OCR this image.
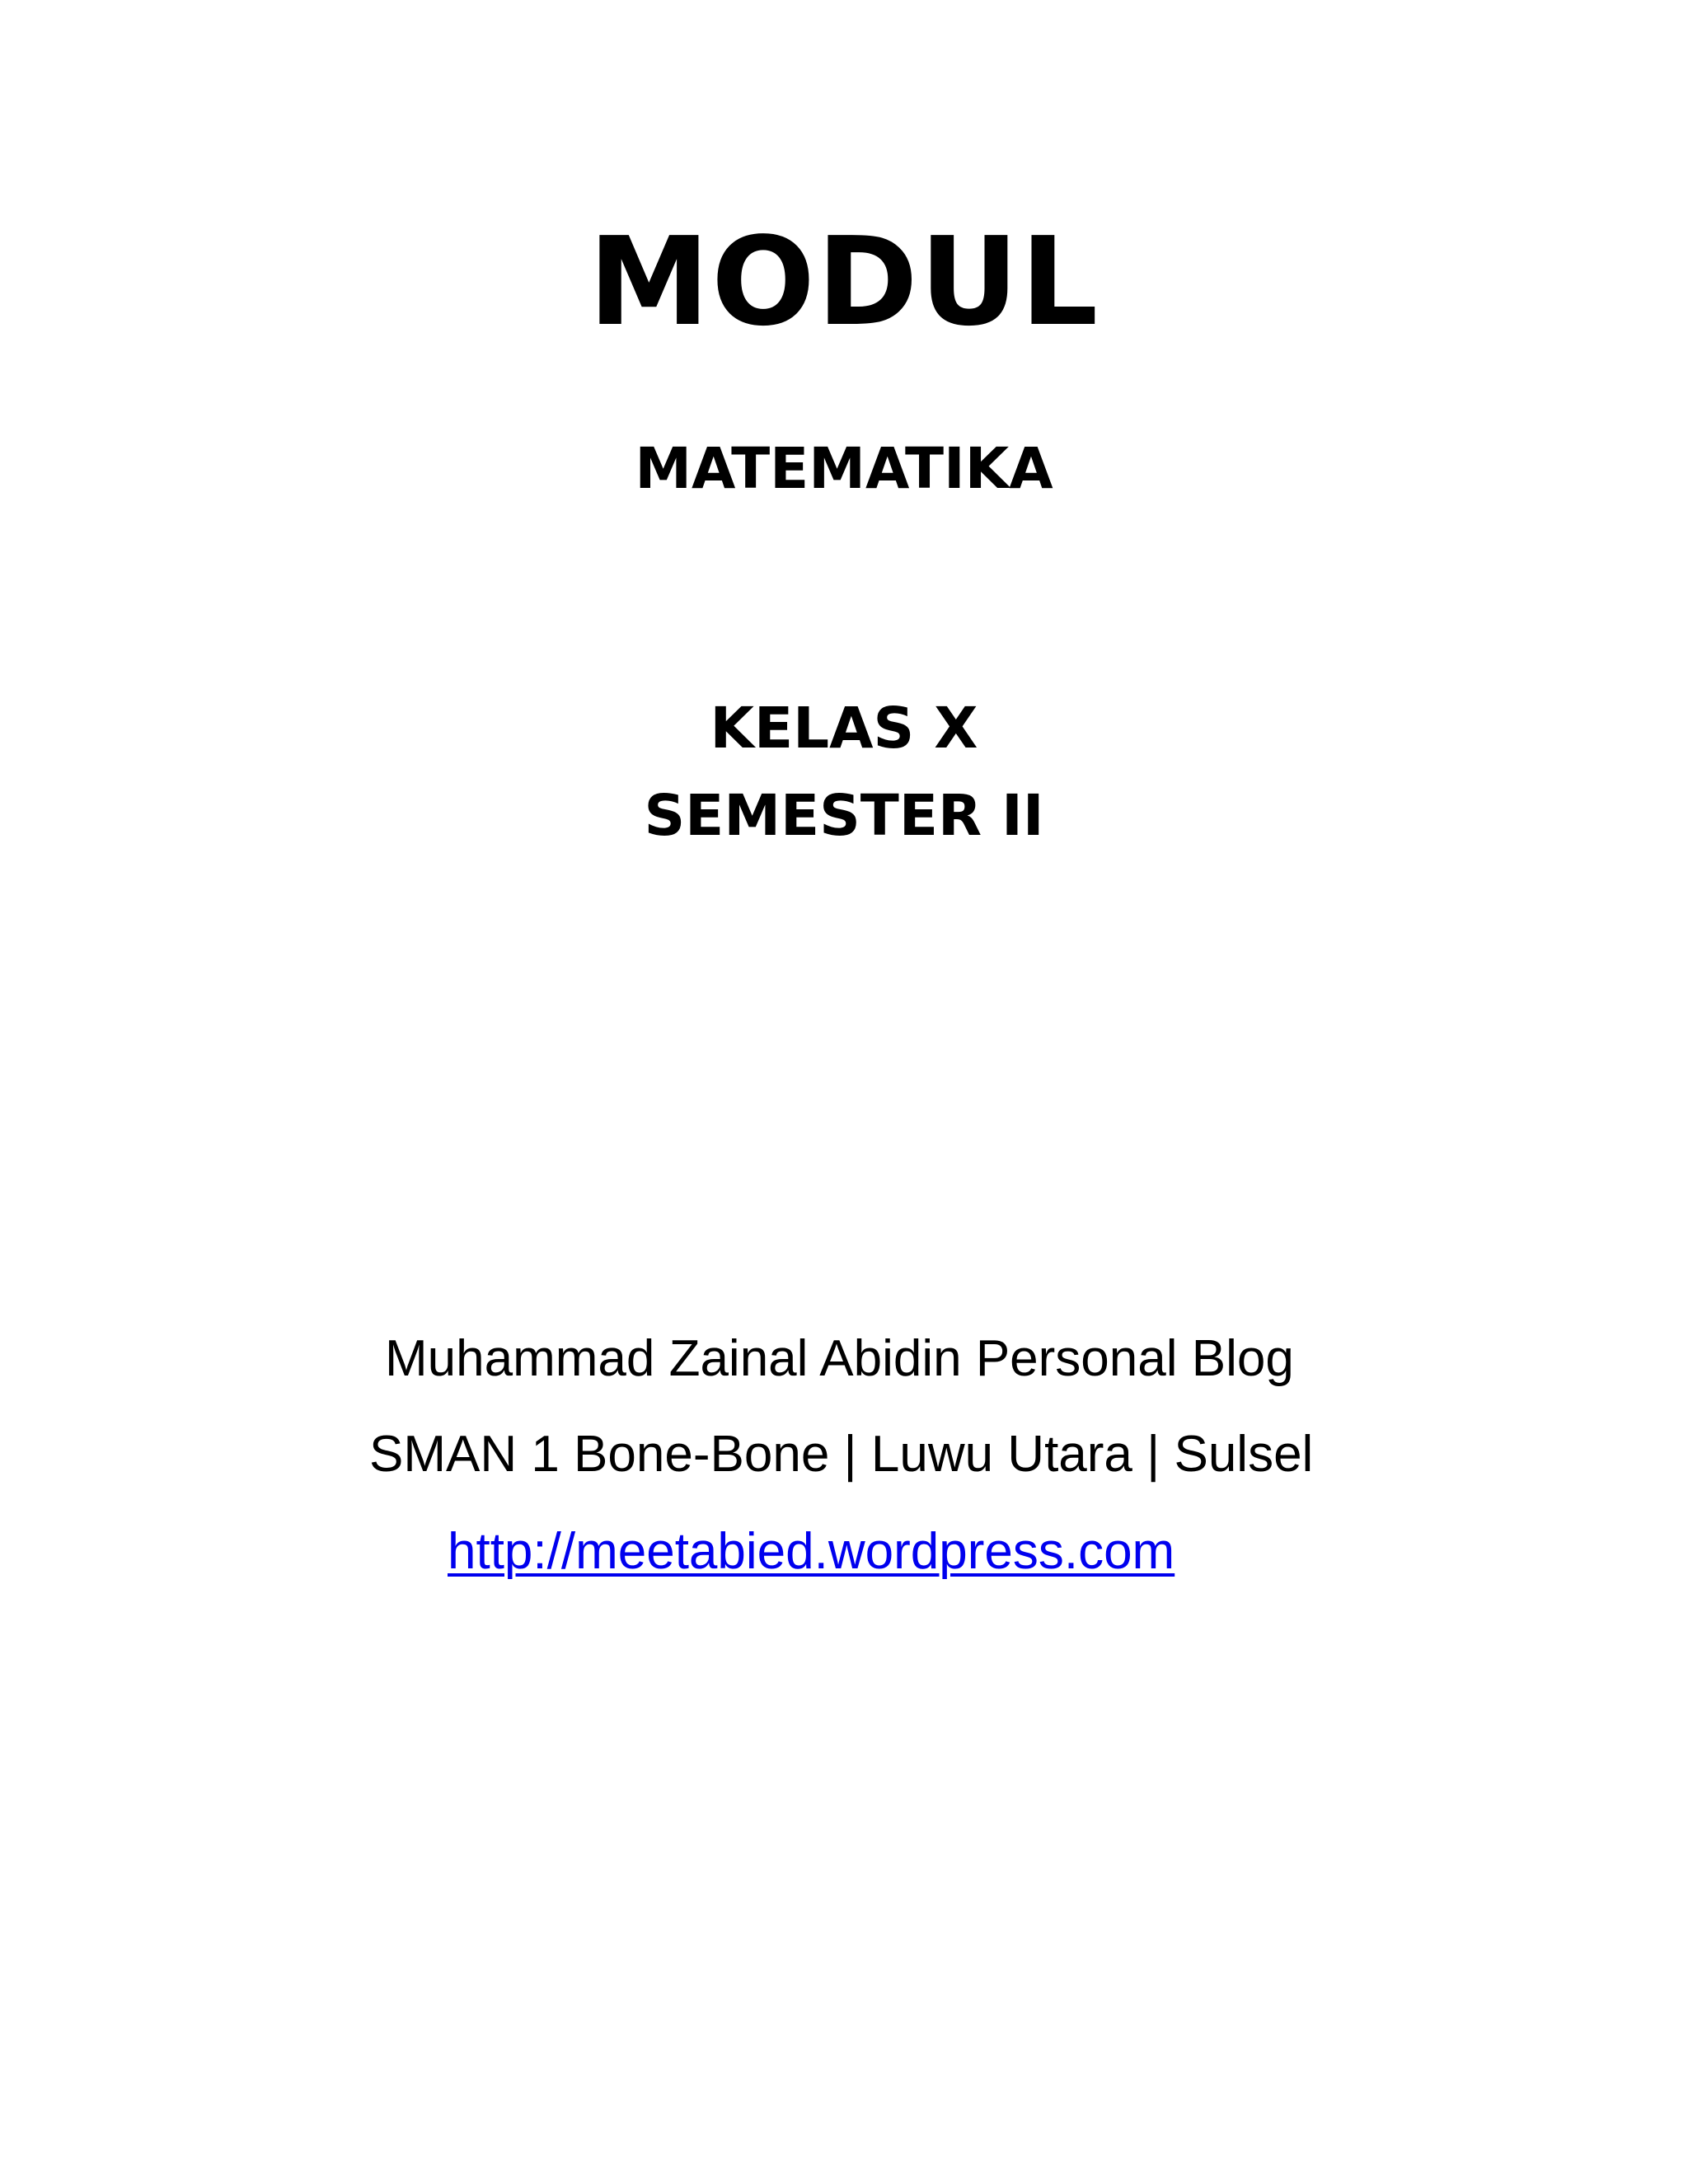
MODUL
MATEMATIKA
KELAS X
SEMESTER II
Muhammad Zainal Abidin Personal Blog
SMAN 1 Bone-Bone | Luwu Utara | Sulsel
http://meetabied.wordpress.com
